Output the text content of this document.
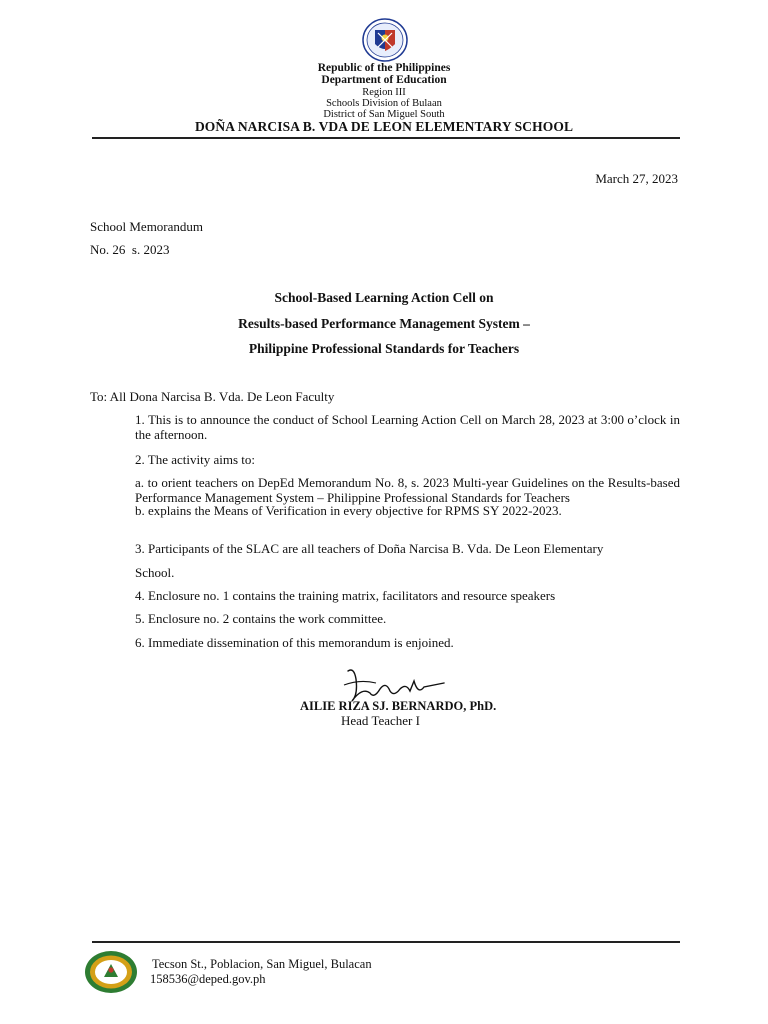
Republic of the Philippines
Department of Education
Region III
Schools Division of Bulaan
District of San Miguel South
DOÑA NARCISA B. VDA DE LEON ELEMENTARY SCHOOL
March 27, 2023
School Memorandum
No. 26  s. 2023
School-Based Learning Action Cell on
Results-based Performance Management System –
Philippine Professional Standards for Teachers
To: All Dona Narcisa B. Vda. De Leon Faculty
1. This is to announce the conduct of School Learning Action Cell on March 28, 2023 at 3:00 o’clock in the afternoon.
2. The activity aims to:
a. to orient teachers on DepEd Memorandum No. 8, s. 2023 Multi-year Guidelines on the Results-based Performance Management System – Philippine Professional Standards for Teachers
b. explains the Means of Verification in every objective for RPMS SY 2022-2023.
3. Participants of the SLAC are all teachers of Doña Narcisa B. Vda. De Leon Elementary
School.
4. Enclosure no. 1 contains the training matrix, facilitators and resource speakers
5. Enclosure no. 2 contains the work committee.
6. Immediate dissemination of this memorandum is enjoined.
AILIE RIZA SJ. BERNARDO, PhD.
Head Teacher I
Tecson St., Poblacion, San Miguel, Bulacan
158536@deped.gov.ph
